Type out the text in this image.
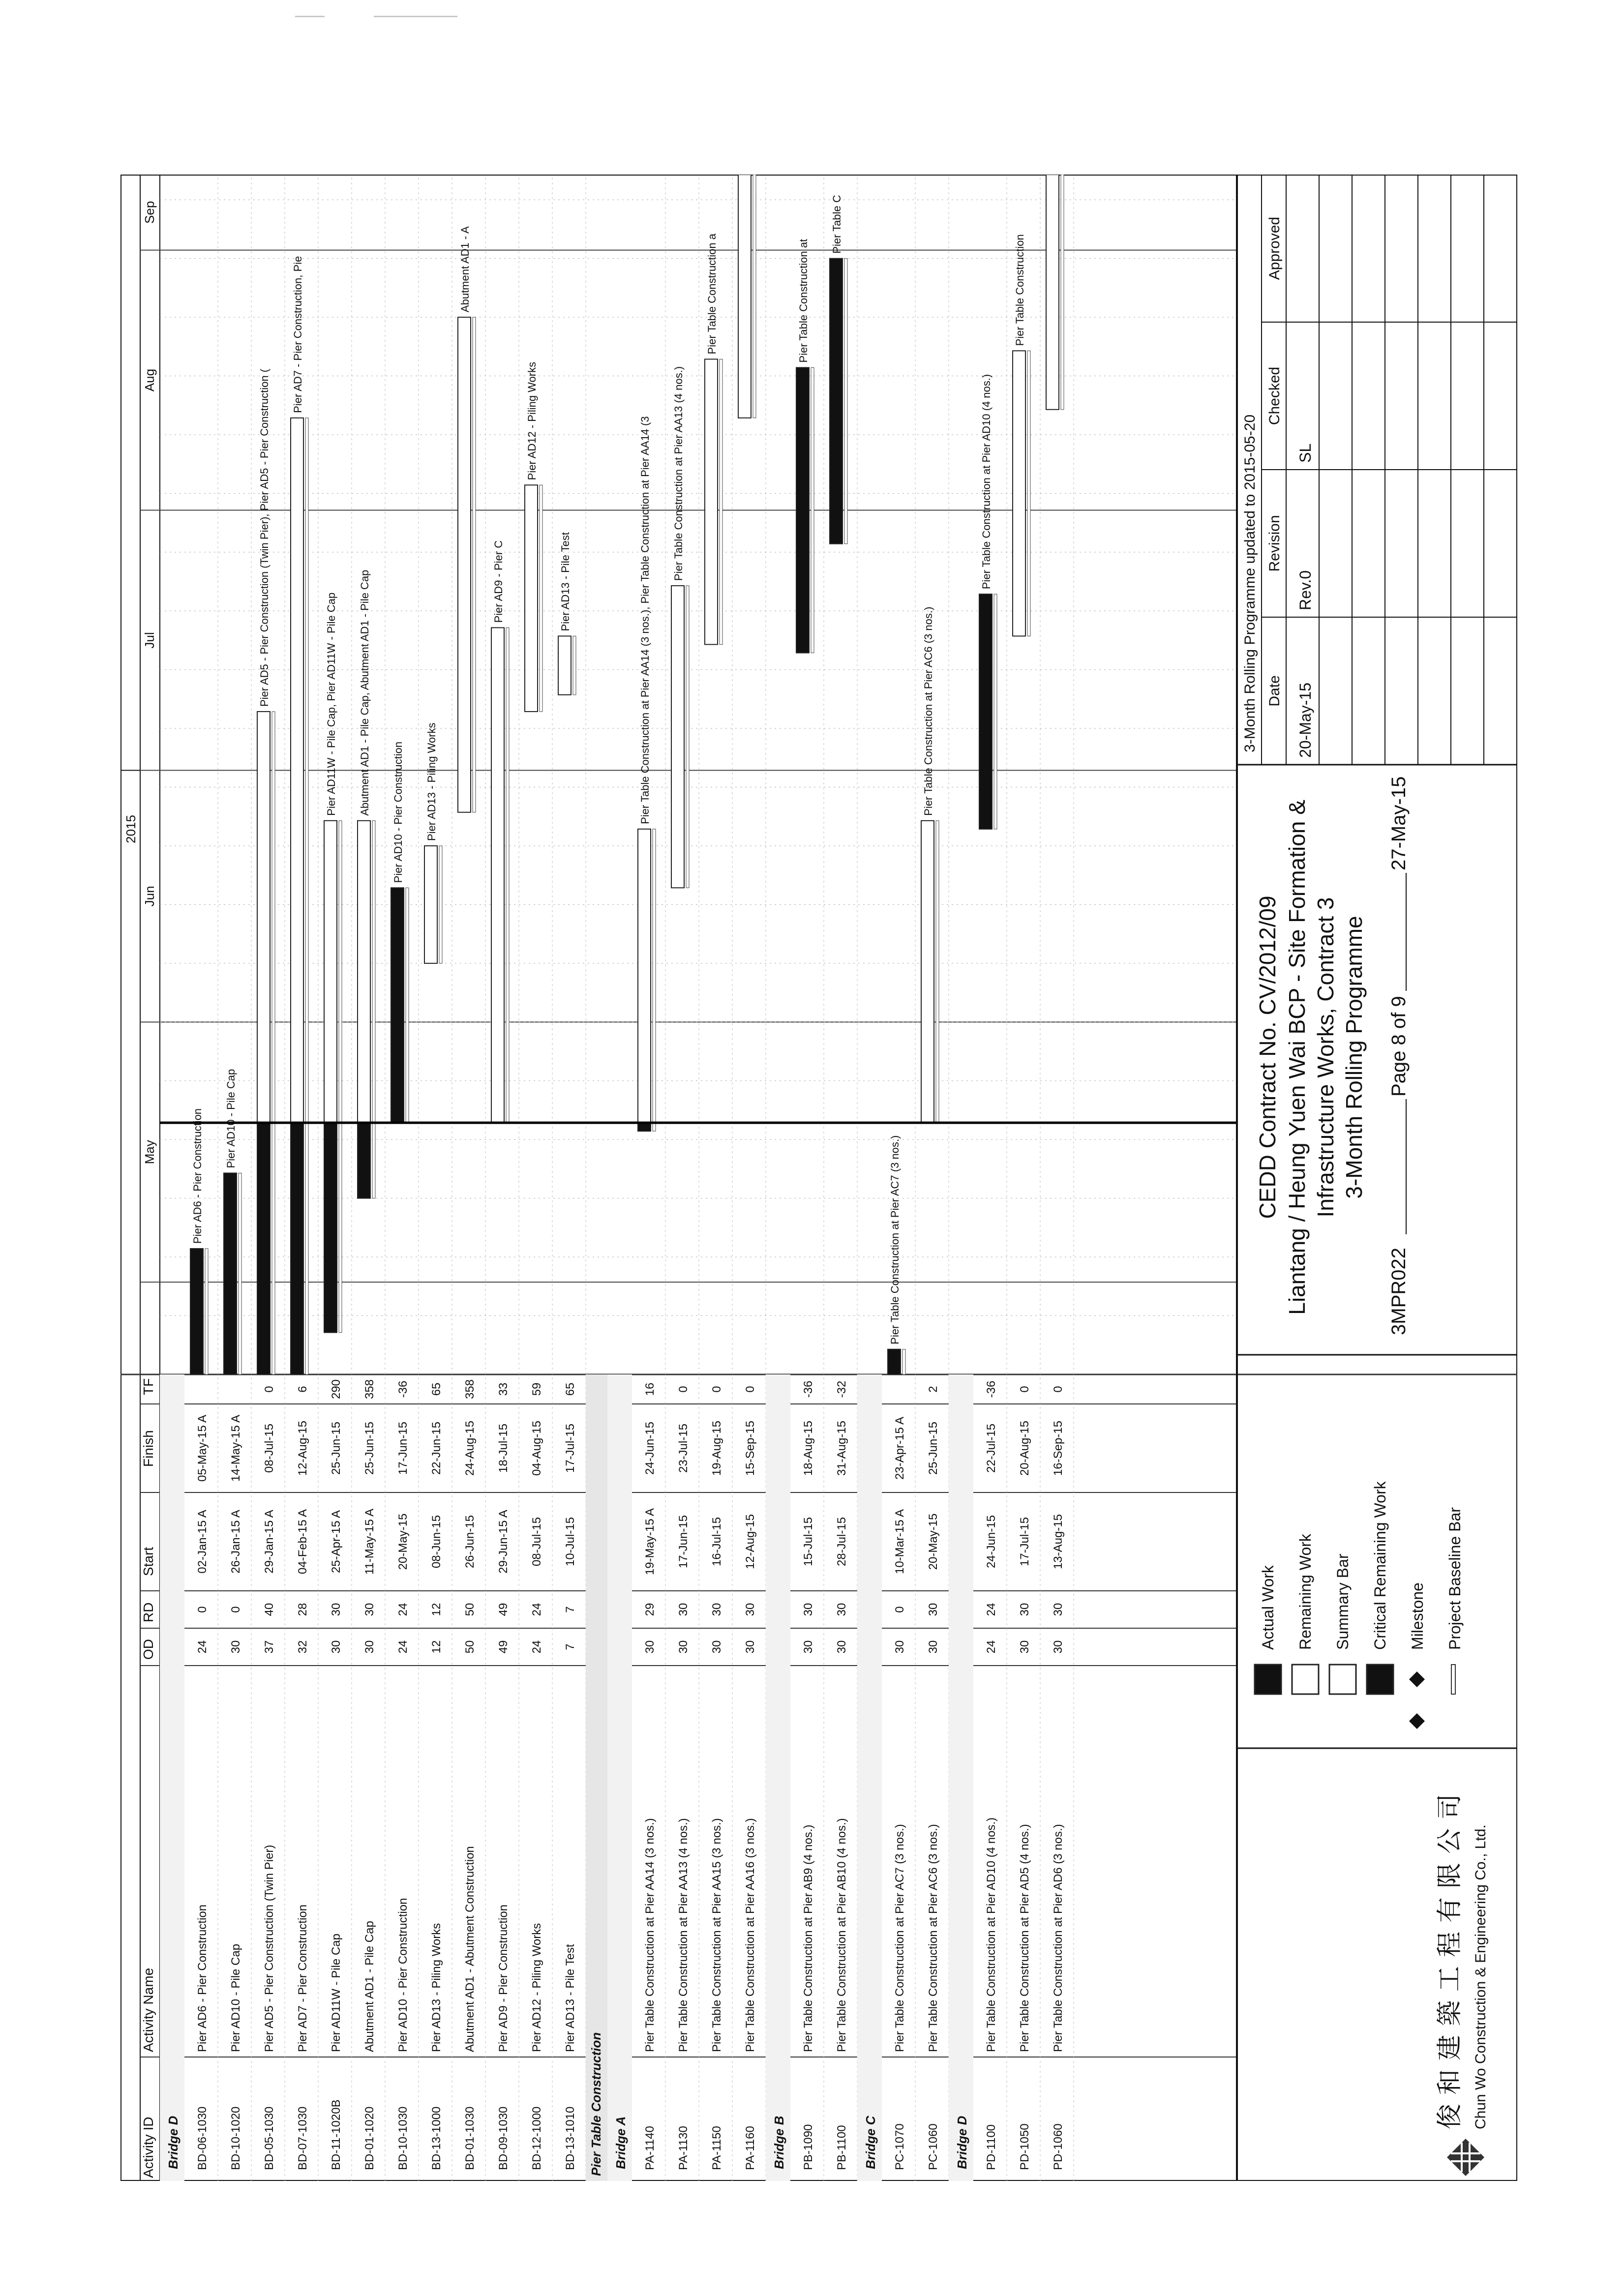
Activity ID
Activity Name
OD
RD
Start
Finish
TF
2015
May
Jun
Jul
Aug
Sep
Bridge D BD-06-1030
Pier AD6 - Pier Construction
24
0
02-Jan-15 A
05-May-15 A
BD-10-1020
Pier AD10 - Pile Cap
30
0
26-Jan-15 A
14-May-15 A
BD-05-1030
Pier AD5 - Pier Construction (Twin Pier)
37
40
29-Jan-15 A
08-Jul-15
0
BD-07-1030
Pier AD7 - Pier Construction
32
28
04-Feb-15 A
12-Aug-15
6
BD-11-1020B
Pier AD11W - Pile Cap
30
30
25-Apr-15 A
25-Jun-15
290
BD-01-1020
Abutment AD1 - Pile Cap
30
30
11-May-15 A
25-Jun-15
358
BD-10-1030
Pier AD10 - Pier Construction
24
24
20-May-15
17-Jun-15
-36
BD-13-1000
Pier AD13 - Piling Works
12
12
08-Jun-15
22-Jun-15
65
BD-01-1030
Abutment AD1 - Abutment Construction
50
50
26-Jun-15
24-Aug-15
358
BD-09-1030
Pier AD9 - Pier Construction
49
49
29-Jun-15 A
18-Jul-15
33
BD-12-1000
Pier AD12 - Piling Works
24
24
08-Jul-15
04-Aug-15
59
BD-13-1010
Pier AD13 - Pile Test
7
7
10-Jul-15
17-Jul-15
65
Pier Table Construction Bridge A PA-1140
Pier Table Construction at Pier AA14 (3 nos.)
30
29
19-May-15 A
24-Jun-15
16
PA-1130
Pier Table Construction at Pier AA13 (4 nos.)
30
30
17-Jun-15
23-Jul-15
0
PA-1150
Pier Table Construction at Pier AA15 (3 nos.)
30
30
16-Jul-15
19-Aug-15
0
PA-1160
Pier Table Construction at Pier AA16 (3 nos.)
30
30
12-Aug-15
15-Sep-15
0
Bridge B PB-1090
Pier Table Construction at Pier AB9 (4 nos.)
30
30
15-Jul-15
18-Aug-15
-36
PB-1100
Pier Table Construction at Pier AB10 (4 nos.)
30
30
28-Jul-15
31-Aug-15
-32
Bridge C PC-1070
Pier Table Construction at Pier AC7 (3 nos.)
30
0
10-Mar-15 A
23-Apr-15 A
PC-1060
Pier Table Construction at Pier AC6 (3 nos.)
30
30
20-May-15
25-Jun-15
2
Bridge D PD-1100
Pier Table Construction at Pier AD10 (4 nos.)
24
24
24-Jun-15
22-Jul-15
-36
PD-1050
Pier Table Construction at Pier AD5 (4 nos.)
30
30
17-Jul-15
20-Aug-15
0
PD-1060
Pier Table Construction at Pier AD6 (3 nos.)
30
30
13-Aug-15
16-Sep-15
0
Pier AD6 - Pier Construction Pier AD10 - Pile Cap
Pier AD5 - Pier Construction (Twin Pier), Pier AD5 - Pier Construction (
Pier AD7 - Pier Construction, Pie
Pier AD11W - Pile Cap, Pier AD11W - Pile Cap Abutment AD1 - Pile Cap, Abutment AD1 - Pile Cap Pier AD10 - Pier Construction Pier AD13 - Piling Works
Abutment AD1 - A
Pier AD9 - Pier C
Pier AD12 - Piling Works
Pier AD13 - Pile Test	Pier Table Construction at Pier AA14 (3 nos.), Pier Table Construction at Pier AA14 (3 Pier Table Construction at Pier AA13 (4 nos.)
Pier Table Construction a	Pier Table Construction at
Pier Table C
Pier Table Construction at Pier AC7 (3 nos.)
Pier Table Construction at Pier AC6 (3 nos.)
Pier Table Construction at Pier AD10 (4 nos.)
Pier Table Construction
俊和建築工程有限公司 Chun Wo Construction & Engineering Co., Ltd.
Actual Work Remaining Work Summary Bar Critical Remaining Work Milestone Project Baseline Bar
CEDD Contract No. CV/2012/09 Liantang / Heung Yuen Wai BCP - Site Formation & Infrastructure Works, Contract 3 3-Month Rolling Programme
3MPR022
Page 8 of 9
27-May-15
3-Month Rolling Programme updated to 2015-05-20 Date
Revision
Checked
Approved
20-May-15
Rev.0
SL
